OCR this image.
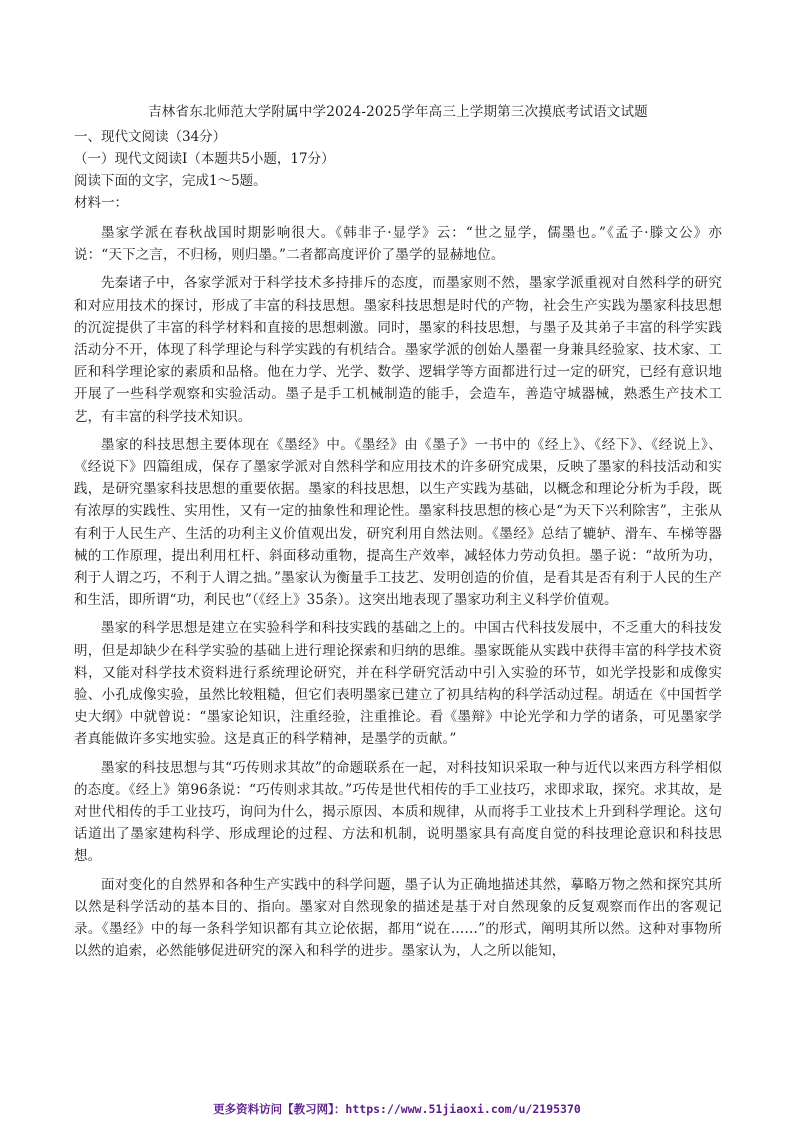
吉林省东北师范大学附属中学2024-2025学年高三上学期第三次摸底考试语文试题

一、现代文阅读（34分）

（一）现代文阅读Ⅰ（本题共5小题，17分）

阅读下面的文字，完成1～5题。

材料一：

墨家学派在春秋战国时期影响很大。《韩非子·显学》云：“世之显学，儒墨也。”《孟子·滕文公》亦说：“天下之言，不归杨，则归墨。”二者都高度评价了墨学的显赫地位。

先秦诸子中，各家学派对于科学技术多持排斥的态度，而墨家则不然，墨家学派重视对自然科学的研究和对应用技术的探讨，形成了丰富的科技思想。墨家科技思想是时代的产物，社会生产实践为墨家科技思想的沉淀提供了丰富的科学材料和直接的思想刺激。同时，墨家的科技思想，与墨子及其弟子丰富的科学实践活动分不开，体现了科学理论与科学实践的有机结合。墨家学派的创始人墨翟一身兼具经验家、技术家、工匠和科学理论家的素质和品格。他在力学、光学、数学、逻辑学等方面都进行过一定的研究，已经有意识地开展了一些科学观察和实验活动。墨子是手工机械制造的能手，会造车，善造守城器械，熟悉生产技术工艺，有丰富的科学技术知识。

墨家的科技思想主要体现在《墨经》中。《墨经》由《墨子》一书中的《经上》、《经下》、《经说上》、《经说下》四篇组成，保存了墨家学派对自然科学和应用技术的许多研究成果，反映了墨家的科技活动和实践，是研究墨家科技思想的重要依据。墨家的科技思想，以生产实践为基础，以概念和理论分析为手段，既有浓厚的实践性、实用性，又有一定的抽象性和理论性。墨家科技思想的核心是“为天下兴利除害”，主张从有利于人民生产、生活的功利主义价值观出发，研究利用自然法则。《墨经》总结了辘轳、滑车、车梯等器械的工作原理，提出利用杠杆、斜面移动重物，提高生产效率，减轻体力劳动负担。墨子说：“故所为功，利于人谓之巧，不利于人谓之拙。”墨家认为衡量手工技艺、发明创造的价值，是看其是否有利于人民的生产和生活，即所谓“功，利民也”（《经上》35条）。这突出地表现了墨家功利主义科学价值观。

墨家的科学思想是建立在实验科学和科技实践的基础之上的。中国古代科技发展中，不乏重大的科技发明，但是却缺少在科学实验的基础上进行理论探索和归纳的思维。墨家既能从实践中获得丰富的科学技术资料，又能对科学技术资料进行系统理论研究，并在科学研究活动中引入实验的环节，如光学投影和成像实验、小孔成像实验，虽然比较粗糙，但它们表明墨家已建立了初具结构的科学活动过程。胡适在《中国哲学史大纲》中就曾说：“墨家论知识，注重经验，注重推论。看《墨辩》中论光学和力学的诸条，可见墨家学者真能做许多实地实验。这是真正的科学精神，是墨学的贡献。”

墨家的科技思想与其“巧传则求其故”的命题联系在一起，对科技知识采取一种与近代以来西方科学相似的态度。《经上》第96条说：“巧传则求其故。”巧传是世代相传的手工业技巧，求即求取，探究。求其故，是对世代相传的手工业技巧，询问为什么，揭示原因、本质和规律，从而将手工业技术上升到科学理论。这句话道出了墨家建构科学、形成理论的过程、方法和机制，说明墨家具有高度自觉的科技理论意识和科技思想。

面对变化的自然界和各种生产实践中的科学问题，墨子认为正确地描述其然，摹略万物之然和探究其所以然是科学活动的基本目的、指向。墨家对自然现象的描述是基于对自然现象的反复观察而作出的客观记录。《墨经》中的每一条科学知识都有其立论依据，都用“说在……”的形式，阐明其所以然。这种对事物所以然的追索，必然能够促进研究的深入和科学的进步。墨家认为，人之所以能知，

更多资料访问【教习网】：https://www.51jiaoxi.com/u/2195370
